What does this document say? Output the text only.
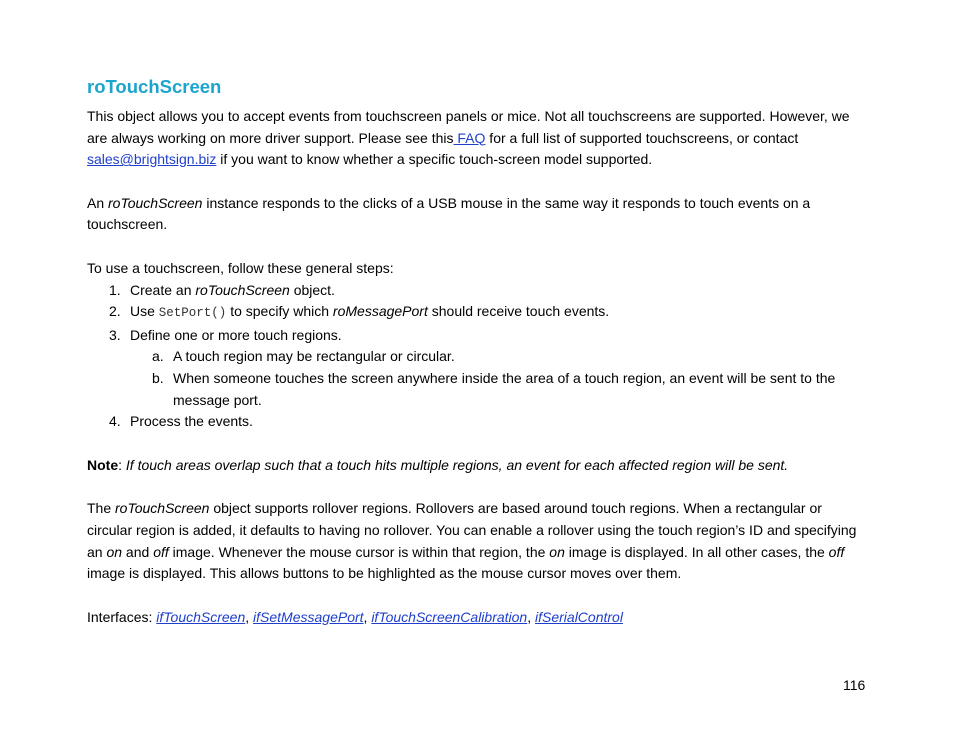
roTouchScreen

This object allows you to accept events from touchscreen panels or mice. Not all touchscreens are supported. However, we are always working on more driver support. Please see this FAQ for a full list of supported touchscreens, or contact sales@brightsign.biz if you want to know whether a specific touch-screen model supported.

An roTouchScreen instance responds to the clicks of a USB mouse in the same way it responds to touch events on a touchscreen.

To use a touchscreen, follow these general steps:

1. Create an roTouchScreen object.
2. Use SetPort() to specify which roMessagePort should receive touch events.
3. Define one or more touch regions.
a. A touch region may be rectangular or circular.
b. When someone touches the screen anywhere inside the area of a touch region, an event will be sent to the message port.
4. Process the events.

Note: If touch areas overlap such that a touch hits multiple regions, an event for each affected region will be sent.

The roTouchScreen object supports rollover regions. Rollovers are based around touch regions. When a rectangular or circular region is added, it defaults to having no rollover. You can enable a rollover using the touch region’s ID and specifying an on and off image. Whenever the mouse cursor is within that region, the on image is displayed. In all other cases, the off image is displayed. This allows buttons to be highlighted as the mouse cursor moves over them.

Interfaces: ifTouchScreen, ifSetMessagePort, ifTouchScreenCalibration, ifSerialControl

116
